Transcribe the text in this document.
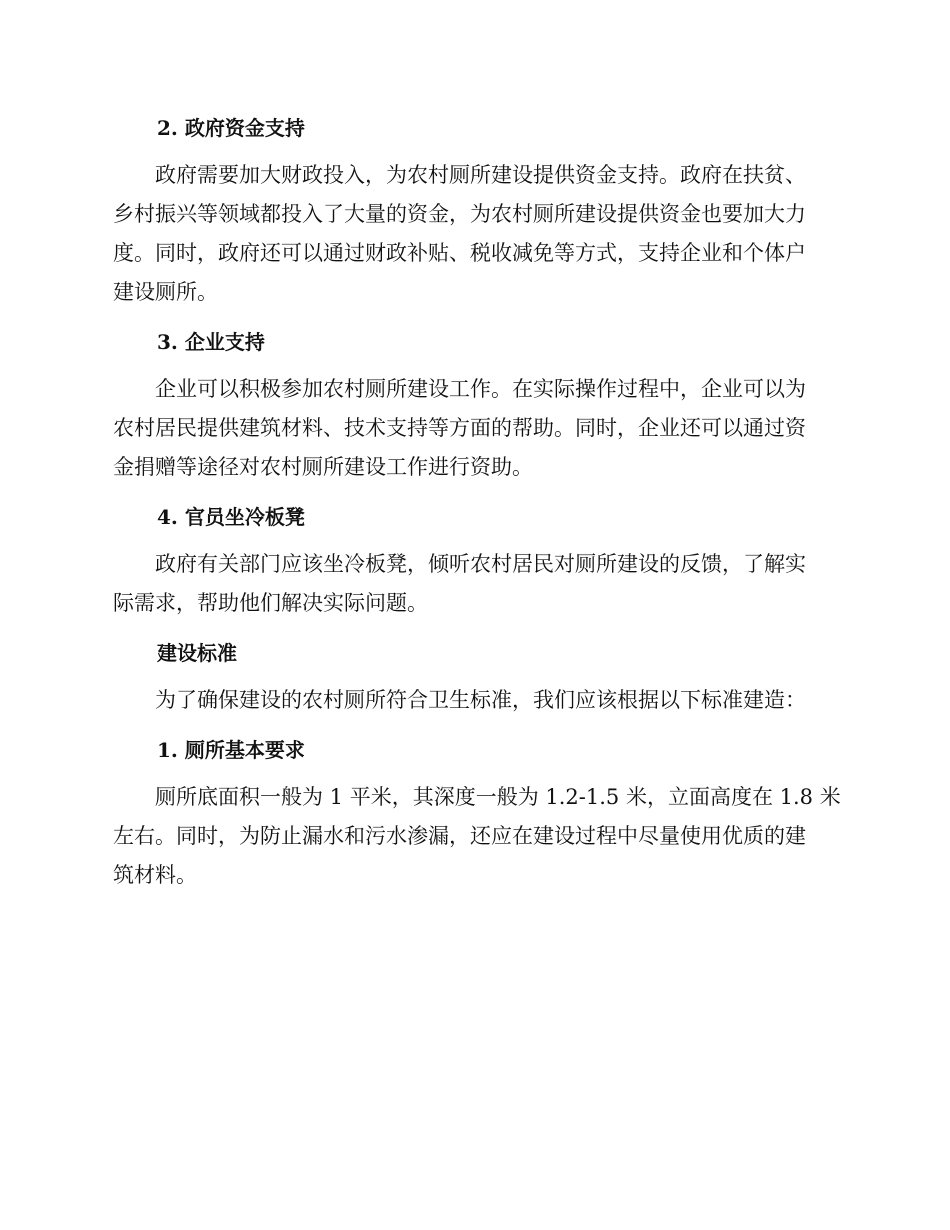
2. 政府资金支持
政府需要加大财政投入，为农村厕所建设提供资金支持。政府在扶贫、
乡村振兴等领域都投入了大量的资金，为农村厕所建设提供资金也要加大力
度。同时，政府还可以通过财政补贴、税收减免等方式，支持企业和个体户
建设厕所。
3. 企业支持
企业可以积极参加农村厕所建设工作。在实际操作过程中，企业可以为
农村居民提供建筑材料、技术支持等方面的帮助。同时，企业还可以通过资
金捐赠等途径对农村厕所建设工作进行资助。
4. 官员坐冷板凳
政府有关部门应该坐冷板凳，倾听农村居民对厕所建设的反馈，了解实
际需求，帮助他们解决实际问题。
建设标准
为了确保建设的农村厕所符合卫生标准，我们应该根据以下标准建造：
1. 厕所基本要求
厕所底面积一般为 1 平米，其深度一般为 1.2-1.5 米，立面高度在 1.8 米
左右。同时，为防止漏水和污水渗漏，还应在建设过程中尽量使用优质的建
筑材料。
